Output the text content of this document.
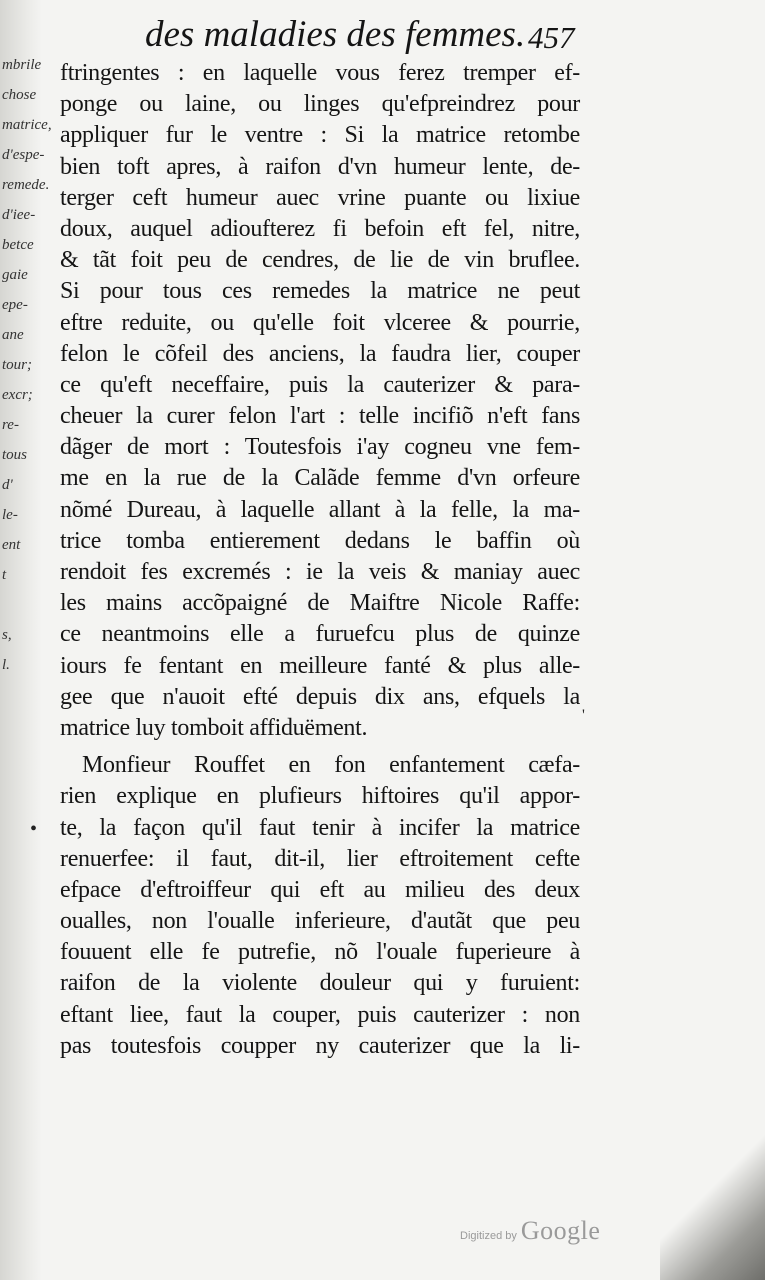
mbrile
chose
matrice,
d'espe-
remede.
d'iee-
betce
gaie
epe-
ane
tour;
excr;
re-
tous
d'
le-
ent
t
s,
l.
des maladies des femmes. 457
ftringentes : en laquelle vous ferez tremper ef-
ponge ou laine, ou linges qu'efpreindrez pour
appliquer fur le ventre : Si la matrice retombe
bien toft apres, à raifon d'vn humeur lente, de-
terger ceft humeur auec vrine puante ou lixiue
doux, auquel adioufterez fi befoin eft fel, nitre,
& tãt foit peu de cendres, de lie de vin bruflee.
Si pour tous ces remedes la matrice ne peut
eftre reduite, ou qu'elle foit vlceree & pourrie,
felon le cõfeil des anciens, la faudra lier, couper
ce qu'eft neceffaire, puis la cauterizer & para-
cheuer la curer felon l'art : telle incifiõ n'eft fans
dãger de mort : Toutesfois i'ay cogneu vne fem-
me en la rue de la Calãde femme d'vn orfeure
nõmé Dureau, à laquelle allant à la felle, la ma-
trice tomba entierement dedans le baffin où
rendoit fes excremés : ie la veis & maniay auec
les mains accõpaigné de Maiftre Nicole Raffe:
ce neantmoins elle a furuefcu plus de quinze
iours fe fentant en meilleure fanté & plus alle-
gee que n'auoit efté depuis dix ans, efquels la
matrice luy tomboit affiduëment.
Monfieur Rouffet en fon enfantement cæfa-
rien explique en plufieurs hiftoires qu'il appor-
te, la façon qu'il faut tenir à incifer la matrice
renuerfee: il faut, dit-il, lier eftroitement cefte
efpace d'eftroiffeur qui eft au milieu des deux
oualles, non l'oualle inferieure, d'autãt que peu
fouuent elle fe putrefie, nõ l'ouale fuperieure à
raifon de la violente douleur qui y furuient:
eftant liee, faut la couper, puis cauterizer : non
pas toutesfois coupper ny cauterizer que la li-
•
'
Digitized by Google
